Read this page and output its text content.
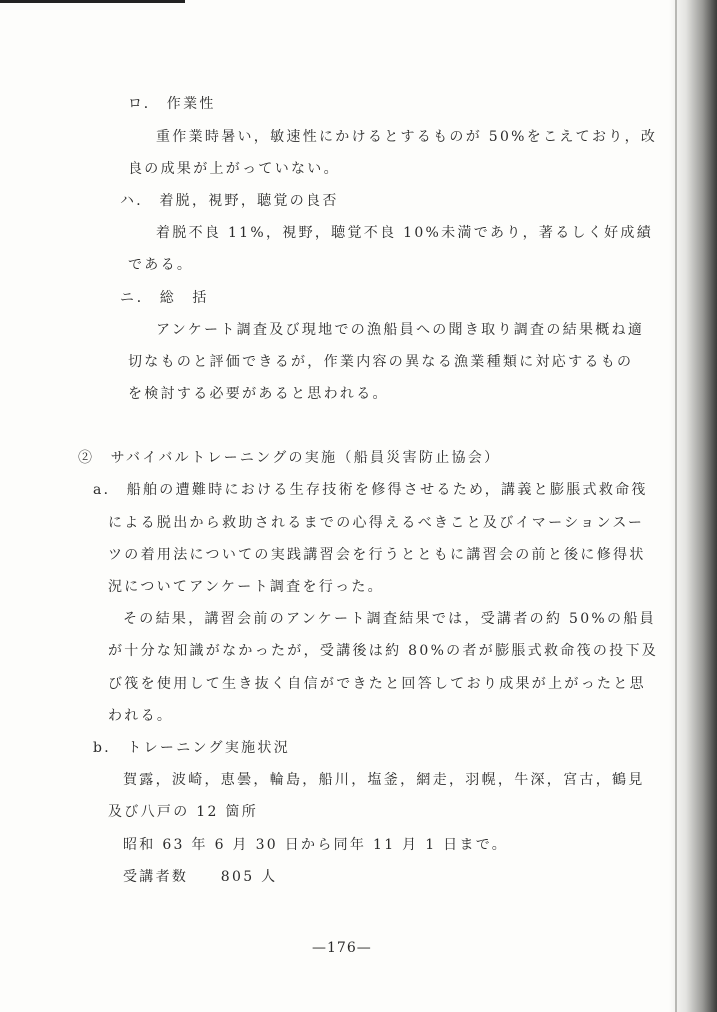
ロ． 作業性
重作業時暑い，敏速性にかけるとするものが 50%をこえており，改
良の成果が上がっていない。
ハ． 着脱，視野，聴覚の良否
着脱不良 11%，視野，聴覚不良 10%未満であり，著るしく好成績
である。
ニ． 総　括
アンケート調査及び現地での漁船員への聞き取り調査の結果概ね適
切なものと評価できるが，作業内容の異なる漁業種類に対応するもの
を検討する必要があると思われる。
②　サバイバルトレーニングの実施（船員災害防止協会）
a． 船舶の遭難時における生存技術を修得させるため，講義と膨脹式救命筏
による脱出から救助されるまでの心得えるべきこと及びイマーションスー
ツの着用法についての実践講習会を行うとともに講習会の前と後に修得状
況についてアンケート調査を行った。
その結果，講習会前のアンケート調査結果では，受講者の約 50%の船員
が十分な知識がなかったが，受講後は約 80%の者が膨脹式救命筏の投下及
び筏を使用して生き抜く自信ができたと回答しており成果が上がったと思
われる。
b． トレーニング実施状況
賀露，波崎，恵曇，輪島，船川，塩釜，網走，羽幌，牛深，宮古，鶴見
及び八戸の 12 箇所
昭和 63 年 6 月 30 日から同年 11 月 1 日まで。
受講者数　　805 人
—176—
